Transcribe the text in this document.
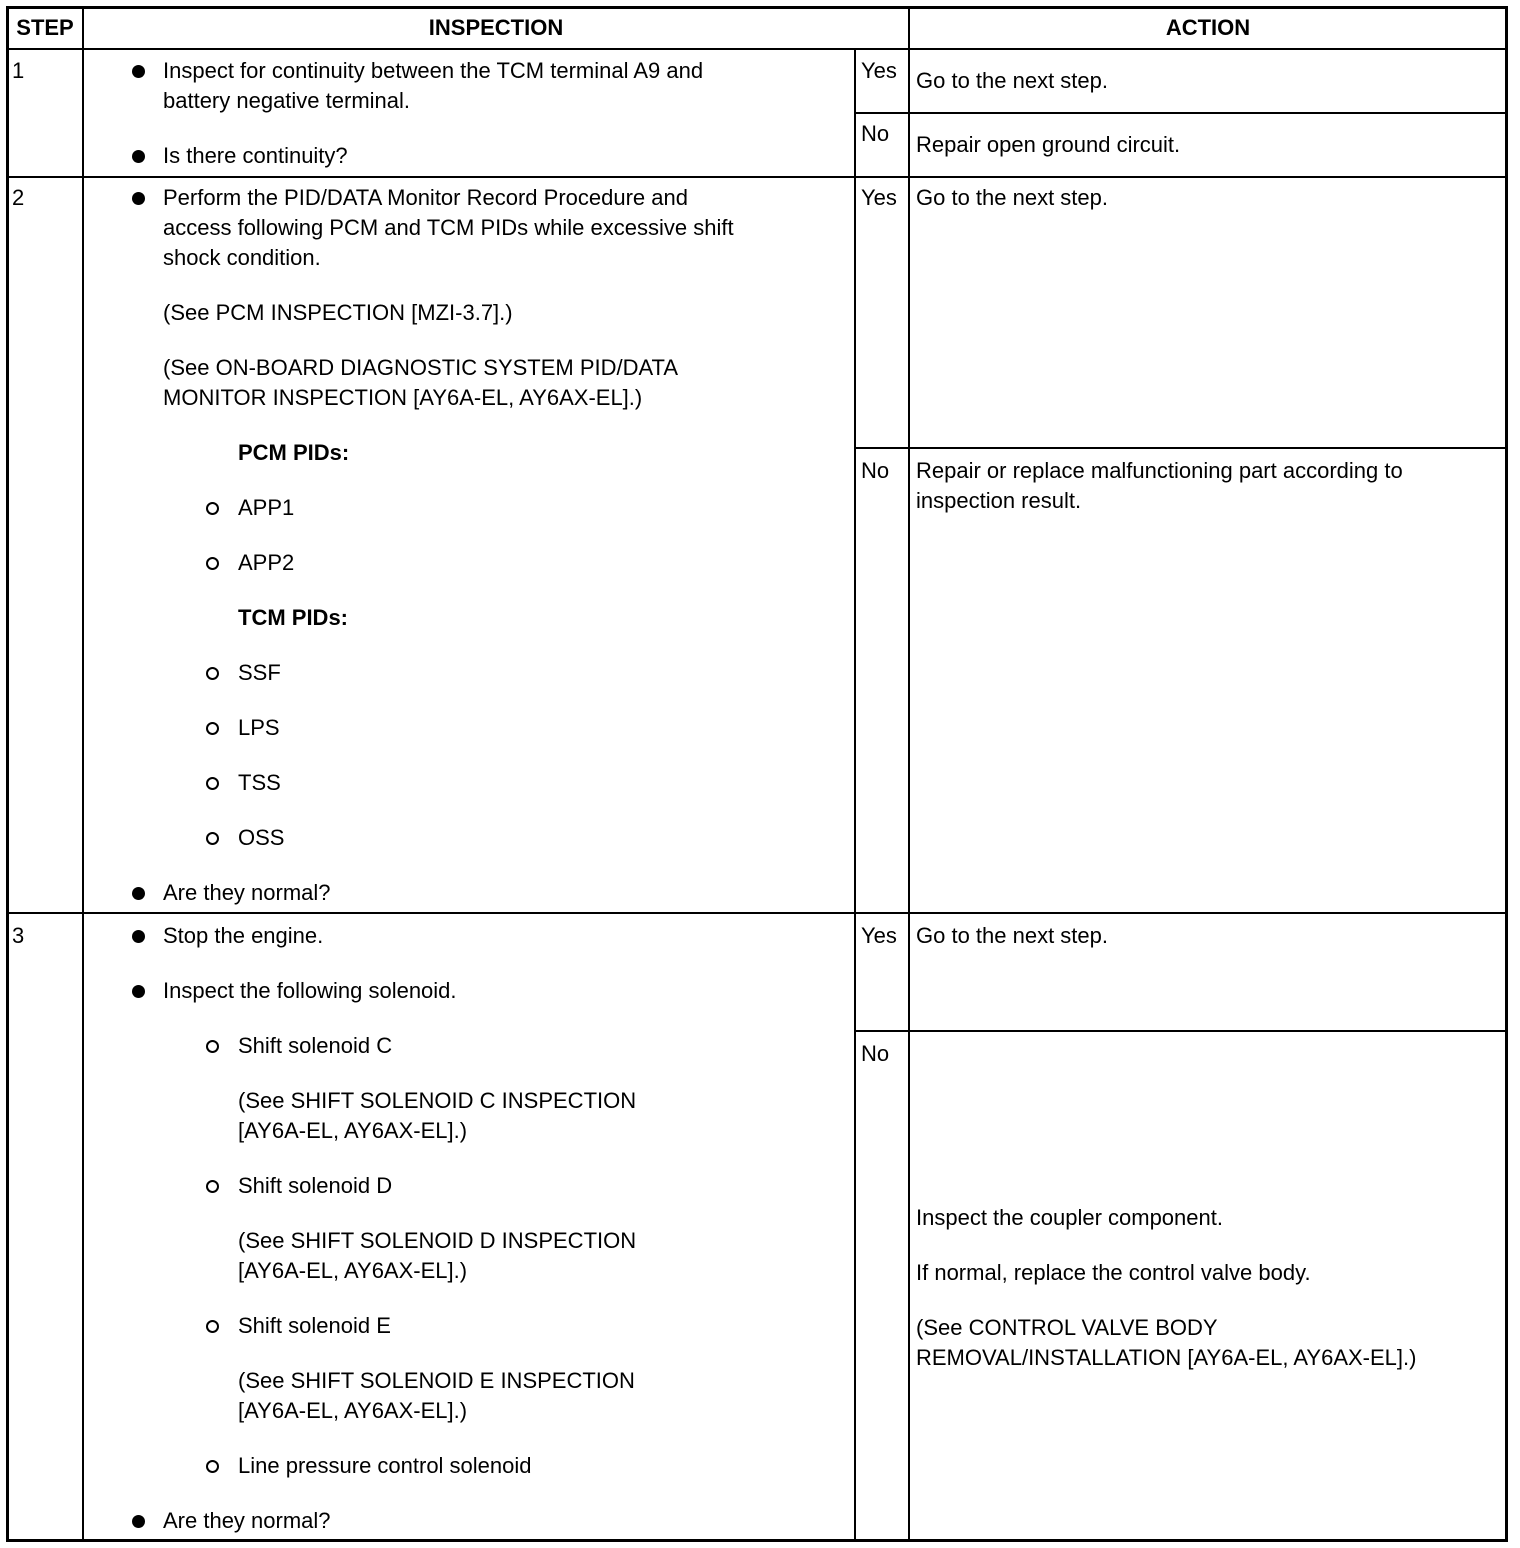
STEP	INSPECTION	ACTION
1	Inspect for continuity between the TCM terminal A9 and
battery negative terminal.
Is there continuity?
Yes Go to the next step.
No Repair open ground circuit.
2	Perform the PID/DATA Monitor Record Procedure and
access following PCM and TCM PIDs while excessive shift
shock condition.
(See PCM INSPECTION [MZI-3.7].)
(See ON-BOARD DIAGNOSTIC SYSTEM PID/DATA
MONITOR INSPECTION [AY6A-EL, AY6AX-EL].)
PCM PIDs:
APP1
APP2
TCM PIDs:
SSF
LPS
TSS
OSS
Are they normal?
Yes Go to the next step.
No Repair or replace malfunctioning part according to
inspection result.
3	Stop the engine.
Inspect the following solenoid.
Shift solenoid C
(See SHIFT SOLENOID C INSPECTION
[AY6A-EL, AY6AX-EL].)
Shift solenoid D
(See SHIFT SOLENOID D INSPECTION
[AY6A-EL, AY6AX-EL].)
Shift solenoid E
(See SHIFT SOLENOID E INSPECTION
[AY6A-EL, AY6AX-EL].)
Line pressure control solenoid
Are they normal?
Yes Go to the next step.
No
Inspect the coupler component.
If normal, replace the control valve body.
(See CONTROL VALVE BODY
REMOVAL/INSTALLATION [AY6A-EL, AY6AX-EL].)
